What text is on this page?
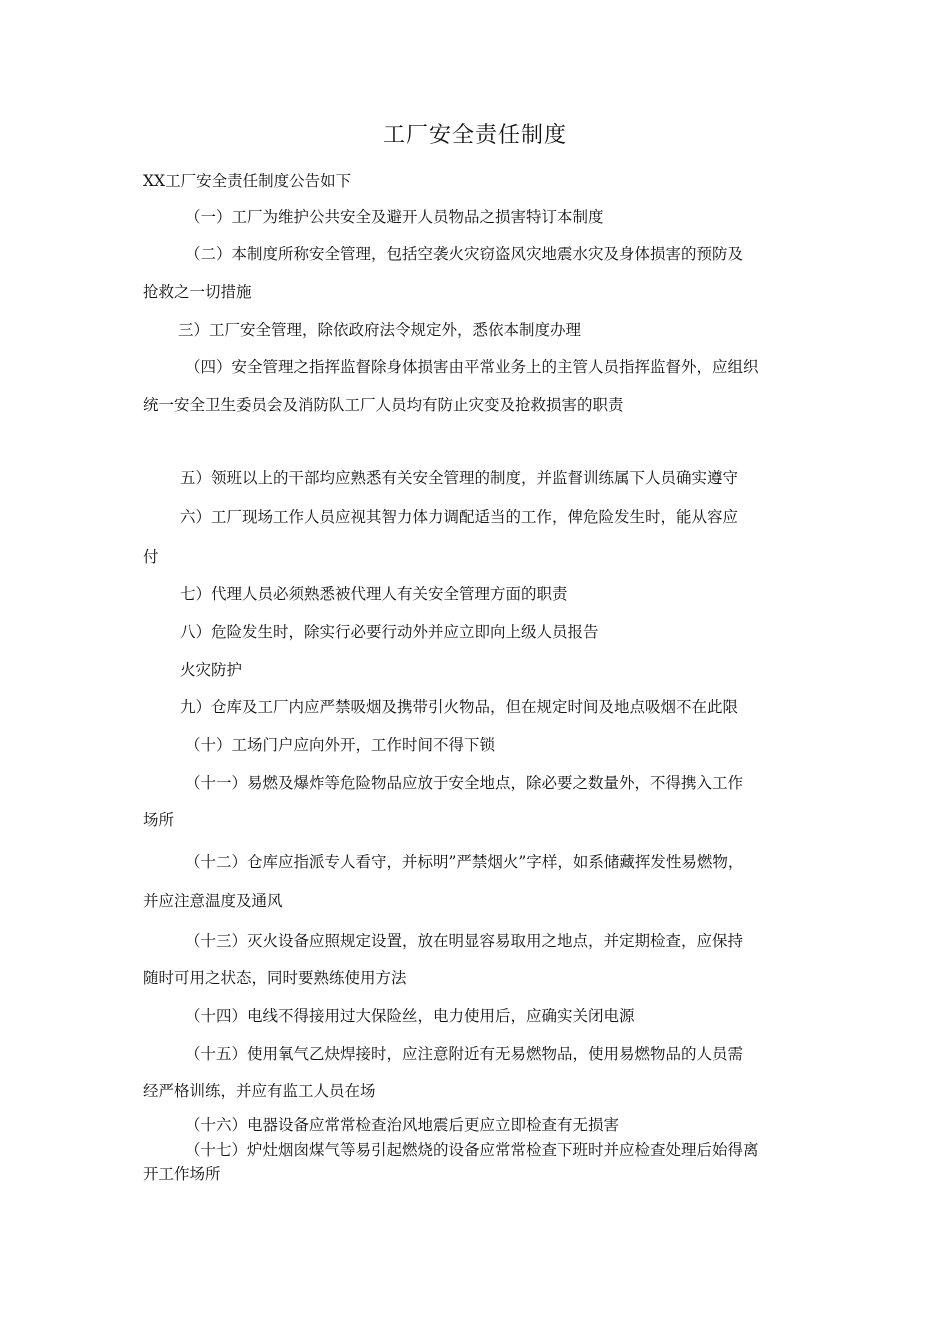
工厂安全责任制度
XX工厂安全责任制度公告如下
（一）工厂为维护公共安全及避开人员物品之损害特订本制度
（二）本制度所称安全管理，包括空袭火灾窃盗风灾地震水灾及身体损害的预防及
抢救之一切措施
三）工厂安全管理，除依政府法令规定外，悉依本制度办理
（四）安全管理之指挥监督除身体损害由平常业务上的主管人员指挥监督外，应组织
统一安全卫生委员会及消防队工厂人员均有防止灾变及抢救损害的职责
五）领班以上的干部均应熟悉有关安全管理的制度，并监督训练属下人员确实遵守
六）工厂现场工作人员应视其智力体力调配适当的工作，俾危险发生时，能从容应
付
七）代理人员必须熟悉被代理人有关安全管理方面的职责
八）危险发生时，除实行必要行动外并应立即向上级人员报告
火灾防护
九）仓库及工厂内应严禁吸烟及携带引火物品，但在规定时间及地点吸烟不在此限
（十）工场门户应向外开，工作时间不得下锁
（十一）易燃及爆炸等危险物品应放于安全地点，除必要之数量外，不得携入工作
场所
（十二）仓库应指派专人看守，并标明”严禁烟火”字样，如系储藏挥发性易燃物，
并应注意温度及通风
（十三）灭火设备应照规定设置，放在明显容易取用之地点，并定期检查，应保持
随时可用之状态，同时要熟练使用方法
（十四）电线不得接用过大保险丝，电力使用后，应确实关闭电源
（十五）使用氧气乙炔焊接时，应注意附近有无易燃物品，使用易燃物品的人员需
经严格训练，并应有监工人员在场
（十六）电器设备应常常检查治风地震后更应立即检查有无损害
（十七）炉灶烟囱煤气等易引起燃烧的设备应常常检查下班时并应检查处理后始得离
开工作场所
